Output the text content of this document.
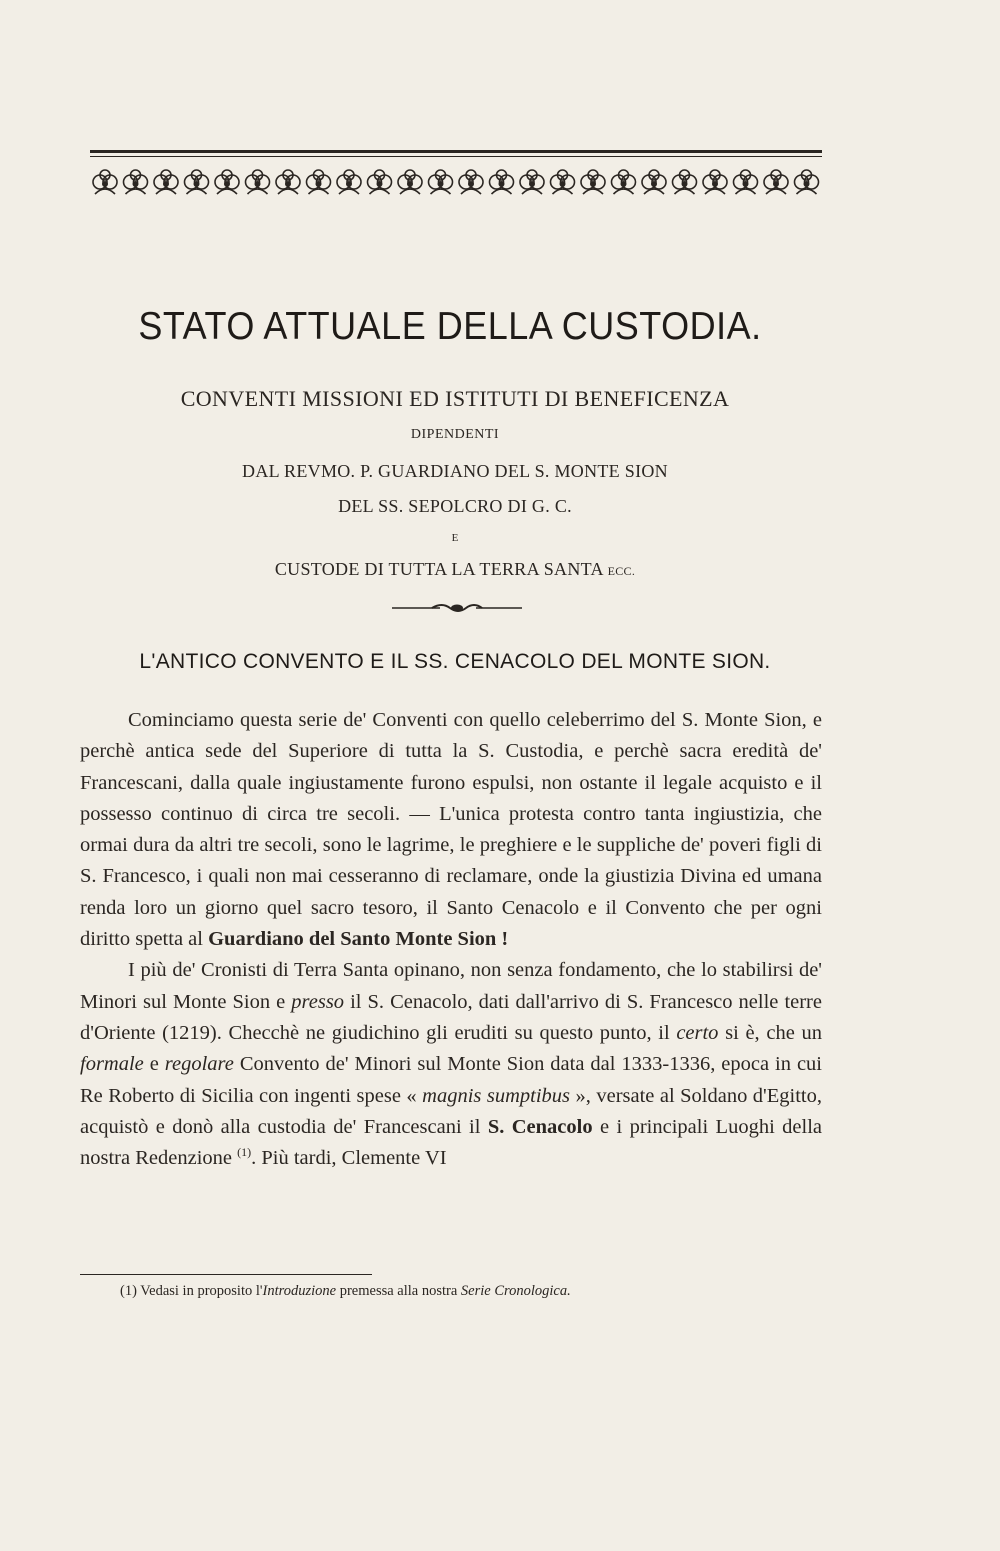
STATO ATTUALE DELLA CUSTODIA.
CONVENTI MISSIONI ED ISTITUTI DI BENEFICENZA
DIPENDENTI
DAL REVMO. P. GUARDIANO DEL S. MONTE SION
DEL SS. SEPOLCRO DI G. C.
E
CUSTODE DI TUTTA LA TERRA SANTA ECC.
L'ANTICO CONVENTO E IL SS. CENACOLO DEL MONTE SION.

Cominciamo questa serie de' Conventi con quello celeberrimo del S. Monte Sion, e perchè antica sede del Superiore di tutta la S. Custodia, e perchè sacra eredità de' Francescani, dalla quale ingiustamente furono espulsi, non ostante il legale acquisto e il possesso continuo di circa tre secoli. — L'unica protesta contro tanta ingiustizia, che ormai dura da altri tre secoli, sono le lagrime, le preghiere e le suppliche de' poveri figli di S. Francesco, i quali non mai cesseranno di reclamare, onde la giustizia Divina ed umana renda loro un giorno quel sacro tesoro, il Santo Cenacolo e il Convento che per ogni diritto spetta al Guardiano del Santo Monte Sion !

I più de' Cronisti di Terra Santa opinano, non senza fondamento, che lo stabilirsi de' Minori sul Monte Sion e presso il S. Cenacolo, dati dall'arrivo di S. Francesco nelle terre d'Oriente (1219). Checchè ne giudichino gli eruditi su questo punto, il certo si è, che un formale e regolare Convento de' Minori sul Monte Sion data dal 1333-1336, epoca in cui Re Roberto di Sicilia con ingenti spese « magnis sumptibus », versate al Soldano d'Egitto, acquistò e donò alla custodia de' Francescani il S. Cenacolo e i principali Luoghi della nostra Redenzione $^{(1)}$. Più tardi, Clemente VI

(1) Vedasi in proposito l'Introduzione premessa alla nostra Serie Cronologica.
